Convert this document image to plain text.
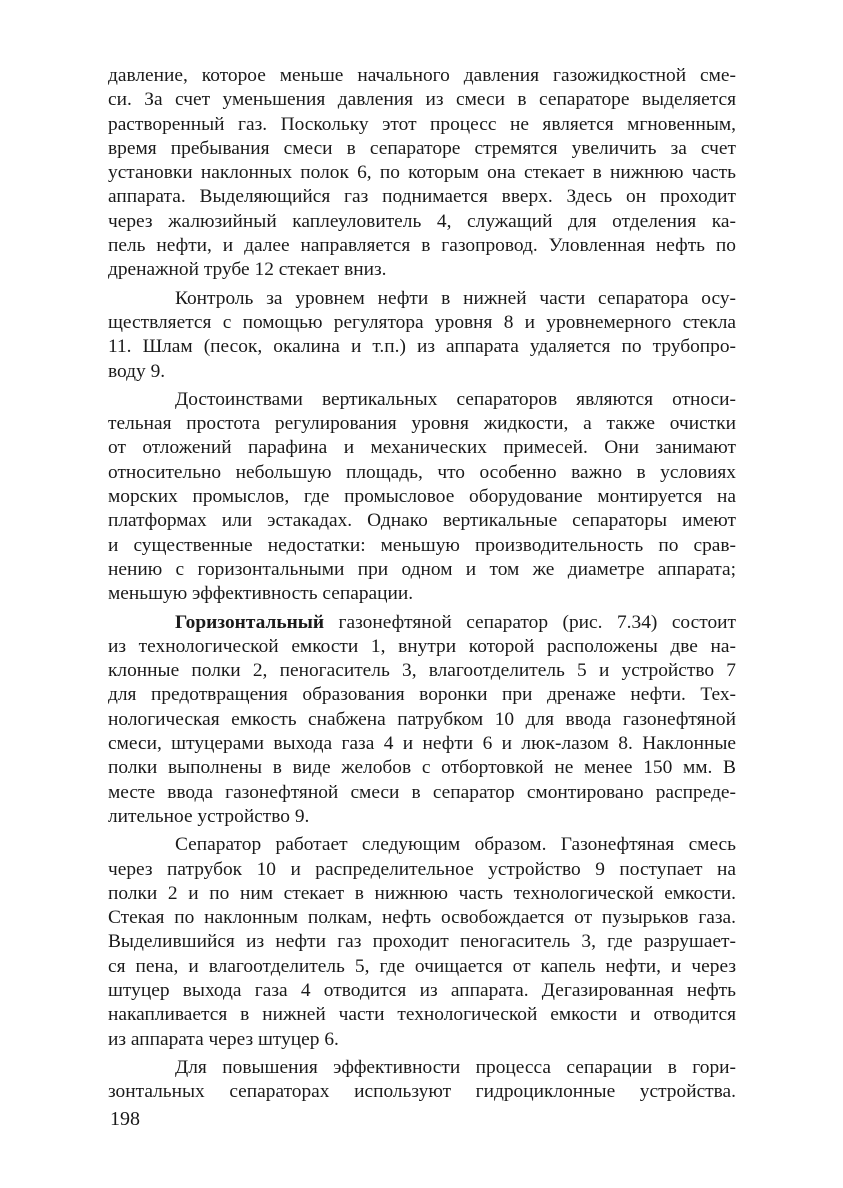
давление, которое меньше начального давления газожидкостной сме-
си. За счет уменьшения давления из смеси в сепараторе выделяется
растворенный газ. Поскольку этот процесс не является мгновенным,
время пребывания смеси в сепараторе стремятся увеличить за счет
установки наклонных полок 6, по которым она стекает в нижнюю часть
аппарата. Выделяющийся газ поднимается вверх. Здесь он проходит
через жалюзийный каплеуловитель 4, служащий для отделения ка-
пель нефти, и далее направляется в газопровод. Уловленная нефть по
дренажной трубе 12 стекает вниз.
Контроль за уровнем нефти в нижней части сепаратора осу-
ществляется с помощью регулятора уровня 8 и уровнемерного стекла
11. Шлам (песок, окалина и т.п.) из аппарата удаляется по трубопро-
воду 9.
Достоинствами вертикальных сепараторов являются относи-
тельная простота регулирования уровня жидкости, а также очистки
от отложений парафина и механических примесей. Они занимают
относительно небольшую площадь, что особенно важно в условиях
морских промыслов, где промысловое оборудование монтируется на
платформах или эстакадах. Однако вертикальные сепараторы имеют
и существенные недостатки: меньшую производительность по срав-
нению с горизонтальными при одном и том же диаметре аппарата;
меньшую эффективность сепарации.
Горизонтальный газонефтяной сепаратор (рис. 7.34) состоит
из технологической емкости 1, внутри которой расположены две на-
клонные полки 2, пеногаситель 3, влагоотделитель 5 и устройство 7
для предотвращения образования воронки при дренаже нефти. Тех-
нологическая емкость снабжена патрубком 10 для ввода газонефтяной
смеси, штуцерами выхода газа 4 и нефти 6 и люк-лазом 8. Наклонные
полки выполнены в виде желобов с отбортовкой не менее 150 мм. В
месте ввода газонефтяной смеси в сепаратор смонтировано распреде-
лительное устройство 9.
Сепаратор работает следующим образом. Газонефтяная смесь
через патрубок 10 и распределительное устройство 9 поступает на
полки 2 и по ним стекает в нижнюю часть технологической емкости.
Стекая по наклонным полкам, нефть освобождается от пузырьков газа.
Выделившийся из нефти газ проходит пеногаситель 3, где разрушает-
ся пена, и влагоотделитель 5, где очищается от капель нефти, и через
штуцер выхода газа 4 отводится из аппарата. Дегазированная нефть
накапливается в нижней части технологической емкости и отводится
из аппарата через штуцер 6.
Для повышения эффективности процесса сепарации в гори-
зонтальных сепараторах используют гидроциклонные устройства.
198
